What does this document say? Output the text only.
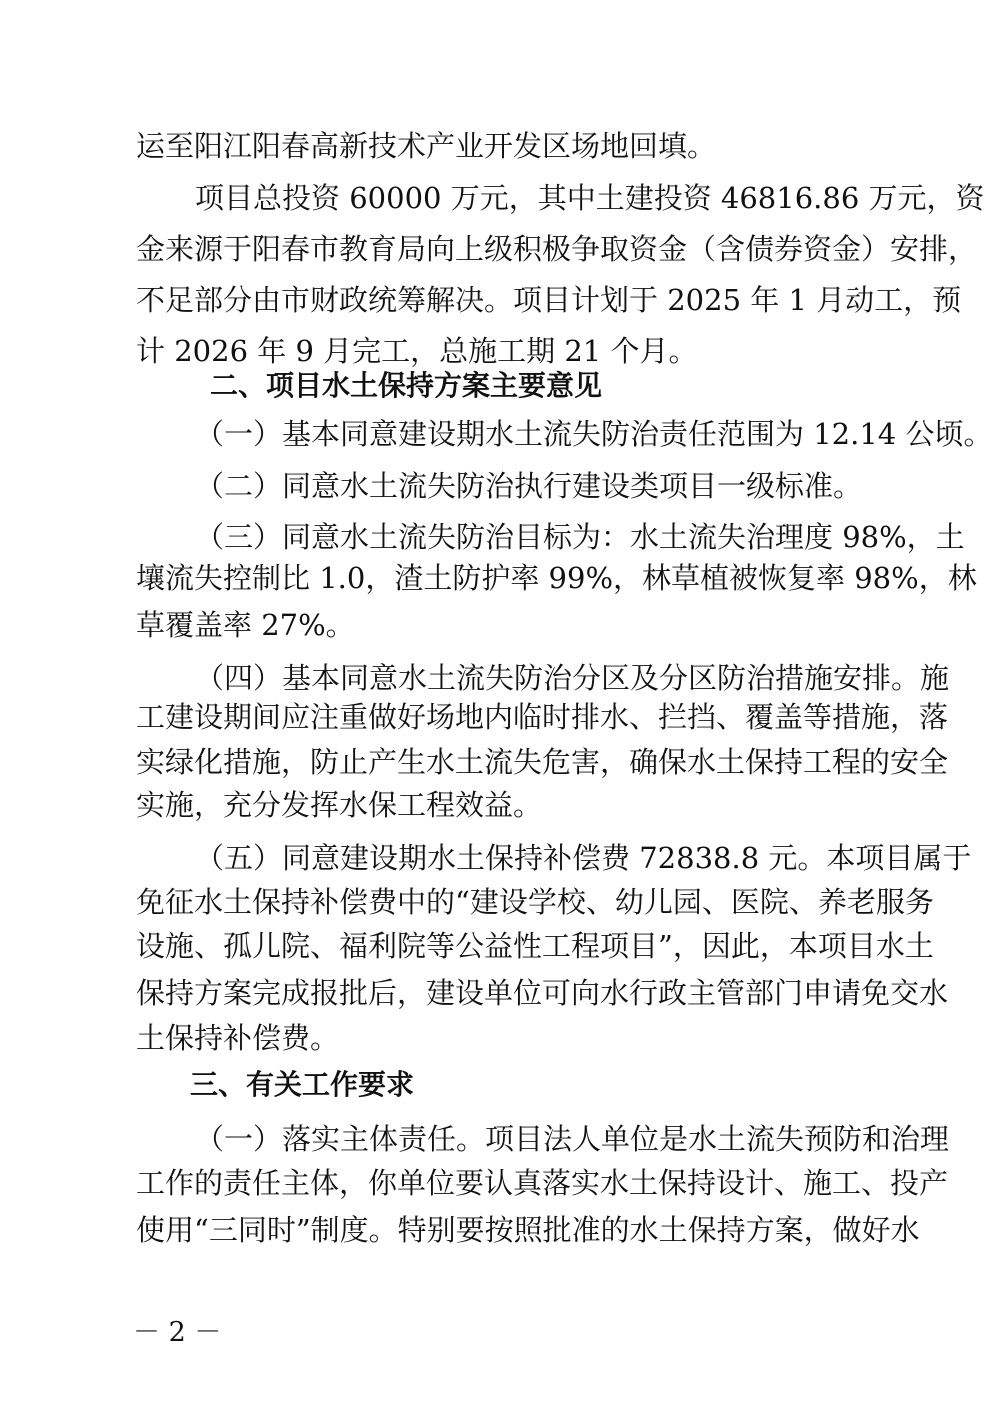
运至阳江阳春高新技术产业开发区场地回填。
项目总投资 60000 万元，其中土建投资 46816.86 万元，资
金来源于阳春市教育局向上级积极争取资金（含债券资金）安排，
不足部分由市财政统筹解决。项目计划于 2025 年 1 月动工，预
计 2026 年 9 月完工，总施工期 21 个月。
二、项目水土保持方案主要意见
（一）基本同意建设期水土流失防治责任范围为 12.14 公顷。
（二）同意水土流失防治执行建设类项目一级标准。
（三）同意水土流失防治目标为：水土流失治理度 98%，土
壤流失控制比 1.0，渣土防护率 99%，林草植被恢复率 98%，林
草覆盖率 27%。
（四）基本同意水土流失防治分区及分区防治措施安排。施
工建设期间应注重做好场地内临时排水、拦挡、覆盖等措施，落
实绿化措施，防止产生水土流失危害，确保水土保持工程的安全
实施，充分发挥水保工程效益。
（五）同意建设期水土保持补偿费 72838.8 元。本项目属于
免征水土保持补偿费中的“建设学校、幼儿园、医院、养老服务
设施、孤儿院、福利院等公益性工程项目”，因此，本项目水土
保持方案完成报批后，建设单位可向水行政主管部门申请免交水
土保持补偿费。
三、有关工作要求
（一）落实主体责任。项目法人单位是水土流失预防和治理
工作的责任主体，你单位要认真落实水土保持设计、施工、投产
使用“三同时”制度。特别要按照批准的水土保持方案，做好水
－ 2 －
